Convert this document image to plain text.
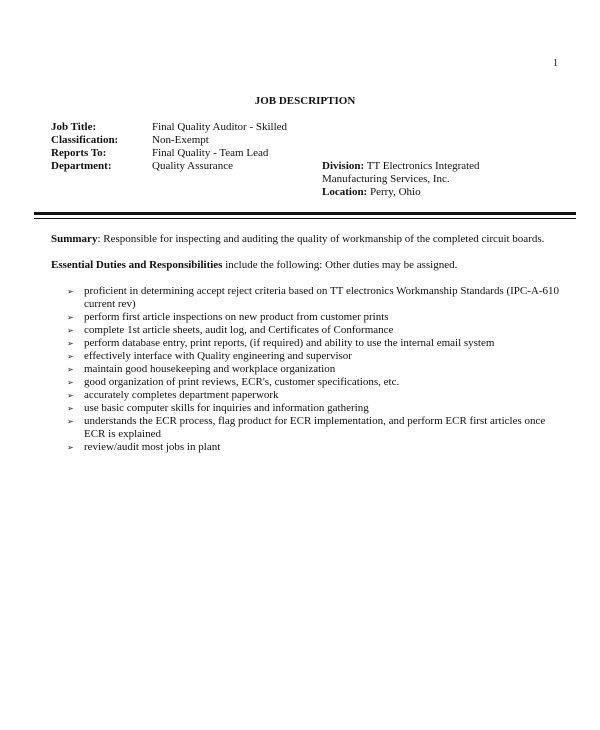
1
JOB DESCRIPTION
Job Title:	Final Quality Auditor - Skilled
Classification:	Non-Exempt
Reports To:	Final Quality - Team Lead
Department:	Quality Assurance	Division: TT Electronics Integrated
Manufacturing Services, Inc.
Location: Perry, Ohio
Summary: Responsible for inspecting and auditing the quality of workmanship of the completed circuit boards.
Essential Duties and Responsibilities include the following: Other duties may be assigned.
➢ proficient in determining accept reject criteria based on TT electronics Workmanship Standards (IPC-A-610 current rev)
➢ perform first article inspections on new product from customer prints
➢ complete 1st article sheets, audit log, and Certificates of Conformance
➢ perform database entry, print reports, (if required) and ability to use the internal email system
➢ effectively interface with Quality engineering and supervisor
➢ maintain good housekeeping and workplace organization
➢ good organization of print reviews, ECR's, customer specifications, etc.
➢ accurately completes department paperwork
➢ use basic computer skills for inquiries and information gathering
➢ understands the ECR process, flag product for ECR implementation, and perform ECR first articles once ECR is explained
➢ review/audit most jobs in plant
